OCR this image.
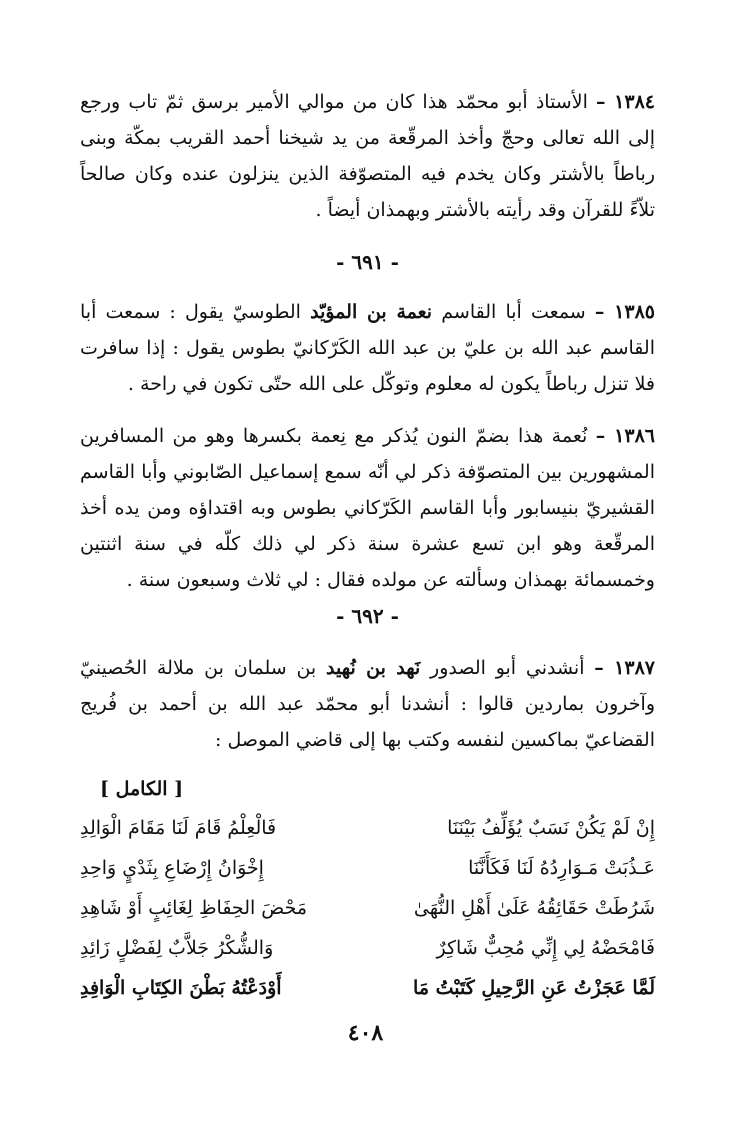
١٣٨٤ – الأستاذ أبو محمّد هذا كان من موالي الأمير برسق ثمّ تاب ورجع إلى الله تعالى وحجّ وأخذ المرقّعة من يد شيخنا أحمد القريب بمكّة وبنى رباطاً بالأشتر وكان يخدم فيه المتصوّفة الذين ينزلون عنده وكان صالحاً تلاّءً للقرآن وقد رأيته بالأشتر وبهمذان أيضاً .

- ٦٩١ -

١٣٨٥ – سمعت أبا القاسم نعمة بن المؤيّد الطوسيّ يقول : سمعت أبا القاسم عبد الله بن عليّ بن عبد الله الكَرّكانيّ بطوس يقول : إذا سافرت فلا تنزل رباطاً يكون له معلوم وتوكّل على الله حتّى تكون في راحة .

١٣٨٦ – نُعمة هذا بضمّ النون يُذكر مع نِعمة بكسرها وهو من المسافرين المشهورين بين المتصوّفة ذكر لي أنّه سمع إسماعيل الصّابوني وأبا القاسم القشيريّ بنيسابور وأبا القاسم الكَرّكاني بطوس وبه اقتداؤه ومن يده أخذ المرقّعة وهو ابن تسع عشرة سنة ذكر لي ذلك كلّه في سنة اثنتين وخمسمائة بهمذان وسألته عن مولده فقال : لي ثلاث وسبعون سنة .

- ٦٩٢ -

١٣٨٧ – أنشدني أبو الصدور نَهد بن نُهيد بن سلمان بن ملالة الحُصينيّ وآخرون بماردين قالوا : أنشدنا أبو محمّد عبد الله بن أحمد بن فُريج القضاعيّ بماكسين لنفسه وكتب بها إلى قاضي الموصل :

[ الكامل ]
إِنْ لَمْ يَكُنْ نَسَبٌ يُؤَلِّفُ بَيْنَنَا
فَالْعِلْمُ قَامَ لَنَا مَقَامَ الْوَالِدِ
عَـذُبَتْ مَـوَارِدُهُ لَنَا فَكَأَنَّنَا
إِخْوَانُ إِرْضَاعِ بِثَدْيٍ وَاحِدِ
شَرُطَتْ حَقَائِقُهُ عَلَىٰ أَهْلِ النُّهَىٰ
مَحْضَ الحِفَاظِ لِغَائِبٍ أَوْ شَاهِدِ
فَامْحَضْهُ لِي إِنِّي مُحِبٌّ شَاكِرٌ
وَالشُّكْرُ جَلاَّبٌ لِفَضْلٍ زَائِدِ
لَمَّا عَجَزْتُ عَنِ الرَّحِيلِ كَتَبْتُ مَا
أَوْدَعْتُهُ بَطْنَ الكِتَابِ الْوَافِدِ
٤٠٨
